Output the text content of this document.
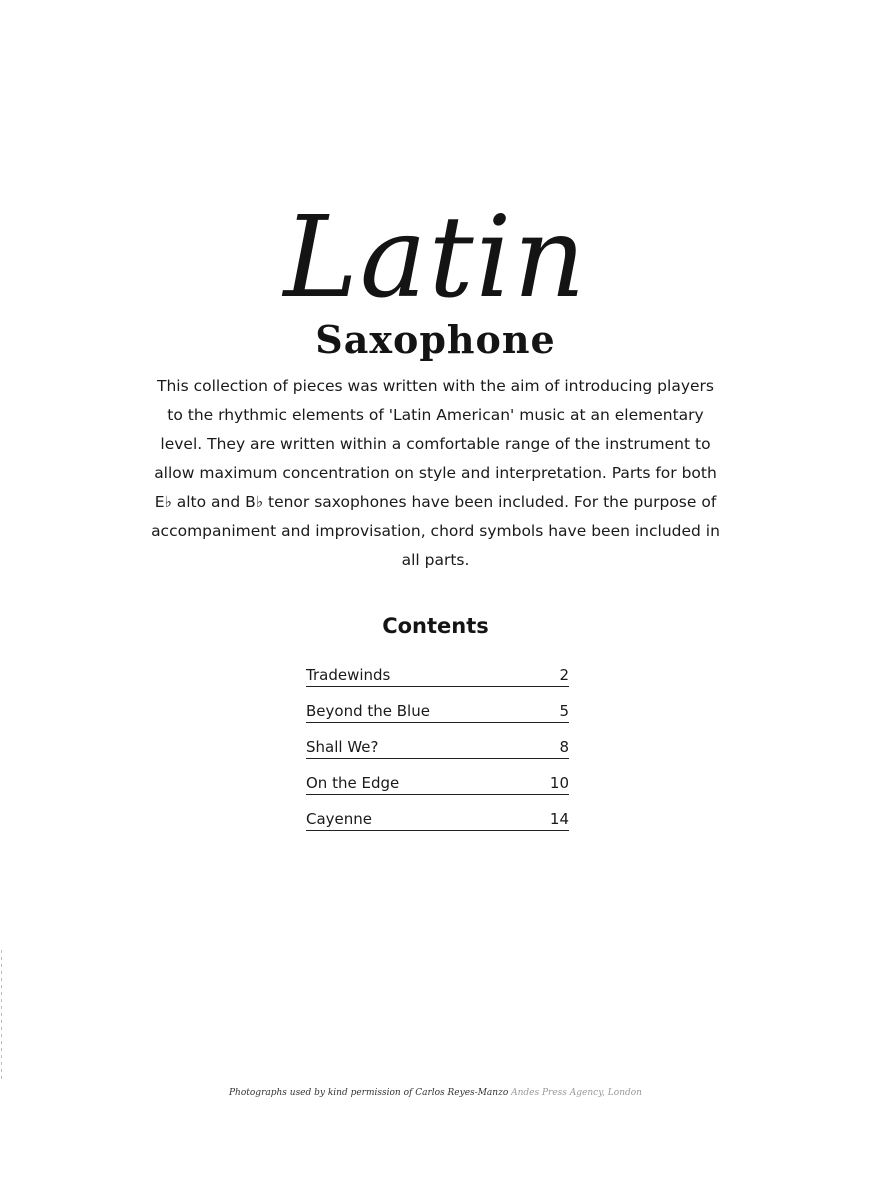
Latin
Saxophone

This collection of pieces was written with the aim of introducing players to the rhythmic elements of 'Latin American' music at an elementary level. They are written within a comfortable range of the instrument to allow maximum concentration on style and interpretation. Parts for both E♭ alto and B♭ tenor saxophones have been included. For the purpose of accompaniment and improvisation, chord symbols have been included in all parts.

Contents
Tradewinds	2
Beyond the Blue	5
Shall We?	8
On the Edge	10
Cayenne	14
Photographs used by kind permission of Carlos Reyes-Manzo Andes Press Agency, London
